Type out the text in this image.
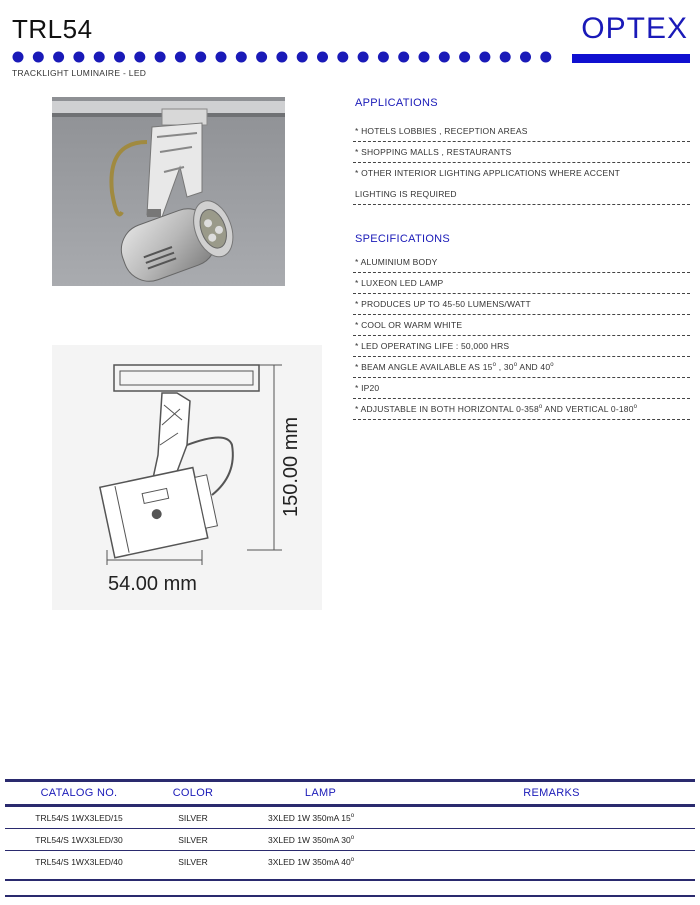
TRL54	OPTEX
TRACKLIGHT LUMINAIRE - LED
54.00 mm
150.00 mm
APPLICATIONS
* HOTELS LOBBIES , RECEPTION AREAS
* SHOPPING MALLS , RESTAURANTS
* OTHER INTERIOR LIGHTING APPLICATIONS WHERE ACCENT
LIGHTING IS REQUIRED
SPECIFICATIONS
* ALUMINIUM BODY
* LUXEON LED LAMP
* PRODUCES UP TO 45-50 LUMENS/WATT
* COOL OR WARM WHITE
* LED OPERATING LIFE : 50,000 HRS
* BEAM ANGLE AVAILABLE AS 15$^o$ , 30$^o$ AND 40$^o$
* IP20
* ADJUSTABLE IN BOTH HORIZONTAL 0-358$^o$ AND VERTICAL 0-180$^o$
CATALOG NO.	COLOR	LAMP	REMARKS
TRL54/S 1WX3LED/15	SILVER	3XLED 1W 350mA 15$^o$
TRL54/S 1WX3LED/30	SILVER	3XLED 1W 350mA 30$^o$
TRL54/S 1WX3LED/40	SILVER	3XLED 1W 350mA 40$^o$
